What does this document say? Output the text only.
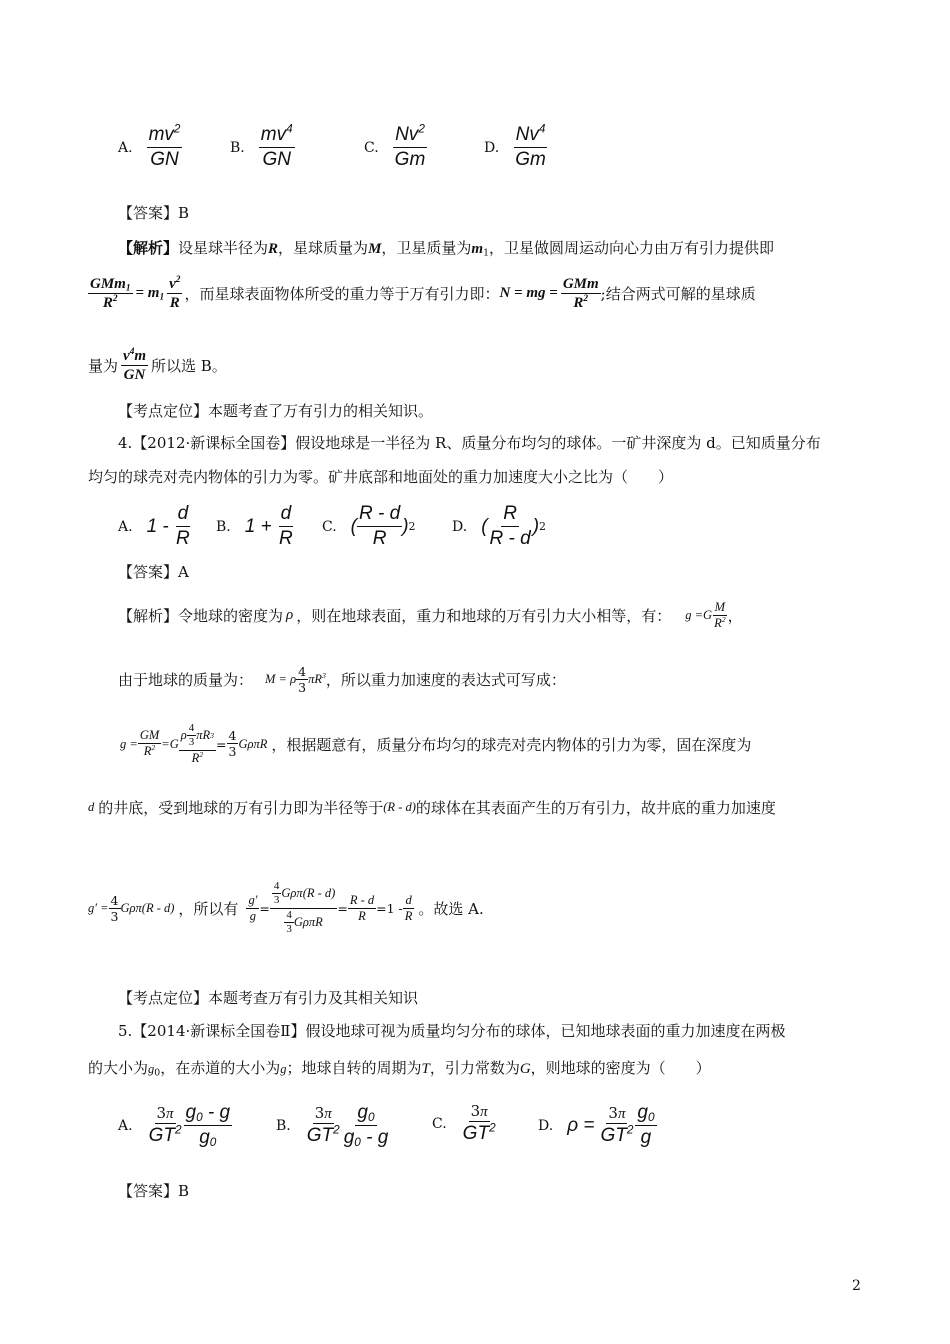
A. $\frac{mv^2}{GN}$	B. $\frac{mv^4}{GN}$	C. $\frac{Nv^2}{Gm}$	D. $\frac{Nv^4}{Gm}$
【答案】B
【解析】设星球半径为R，星球质量为M，卫星质量为$m_1$，卫星做圆周运动向心力由万有引力提供即
$\frac{GMm_1}{R^2} = m_1 \frac{v^2}{R}$ ，而星球表面物体所受的重力等于万有引力即： N = mg = $\frac{\text{GMm}}{R^2}$ ;结合两式可解的星球质
量为 $\frac{v^4m}{GN}$ 所以选 B。
【考点定位】本题考查了万有引力的相关知识。
4.【2012·新课标全国卷】假设地球是一半径为 R、质量分布均匀的球体。一矿井深度为 d。已知质量分布
均匀的球壳对壳内物体的引力为零。矿井底部和地面处的重力加速度大小之比为（　　）
A. $1 - \frac{d}{R} B$. $1 + \frac{d}{R} C$. ( $\frac{R - d}{R}$ ) 2	D. ( $\frac{R}{R - d}$ ) 2
【答案】A
【解析】令地球的密度为 ρ ，则在地球表面，重力和地球的万有引力大小相等，有： $g =G \frac{M}{R^2}$ ，
由于地球的质量为： M = ρ $\frac{4}{3} \pi R^3$ ，所以重力加速度的表达式可写成：
$g = \frac{GM}{R^2} =G \frac{\rho \frac{4}{3} \pi R 3}{R^2} = \frac{4}{3}$ Gρ πR ，根据题意有，质量分布均匀的球壳对壳内物体的引力为零，固在深度为
d 的井底，受到地球的万有引力即为半径等于 (R - d) 的球体在其表面产生的万有引力，故井底的重力加速度
$g' = \frac{4}{3} G\rho\pi(R - d)$ ，所以有 $\frac{g'}{g} = \frac{\frac{4}{3} G\rho\pi(R - d)}{\frac{4}{3} G\rho\pi R} = \frac{R - d}{R} =1 - \frac{d}{R}$ 。故选 A.
【考点定位】本题考查万有引力及其相关知识
5.【2014·新课标全国卷Ⅱ】假设地球可视为质量均匀分布的球体，已知地球表面的重力加速度在两极
的大小为$g_0$，在赤道的大小为g；地球自转的周期为T，引力常数为G，则地球的密度为（　　）
A. $\frac{3\pi}{GT^2} \frac{g_0 - g}{g_0}$	B. $\frac{3\pi}{GT^2} \frac{g_0}{g_0 - g}$	C. $\frac{3\pi}{GT^2}$	D. $\rho = \frac{3\pi}{GT^2} \frac{g_0}{g}$
【答案】B
2
